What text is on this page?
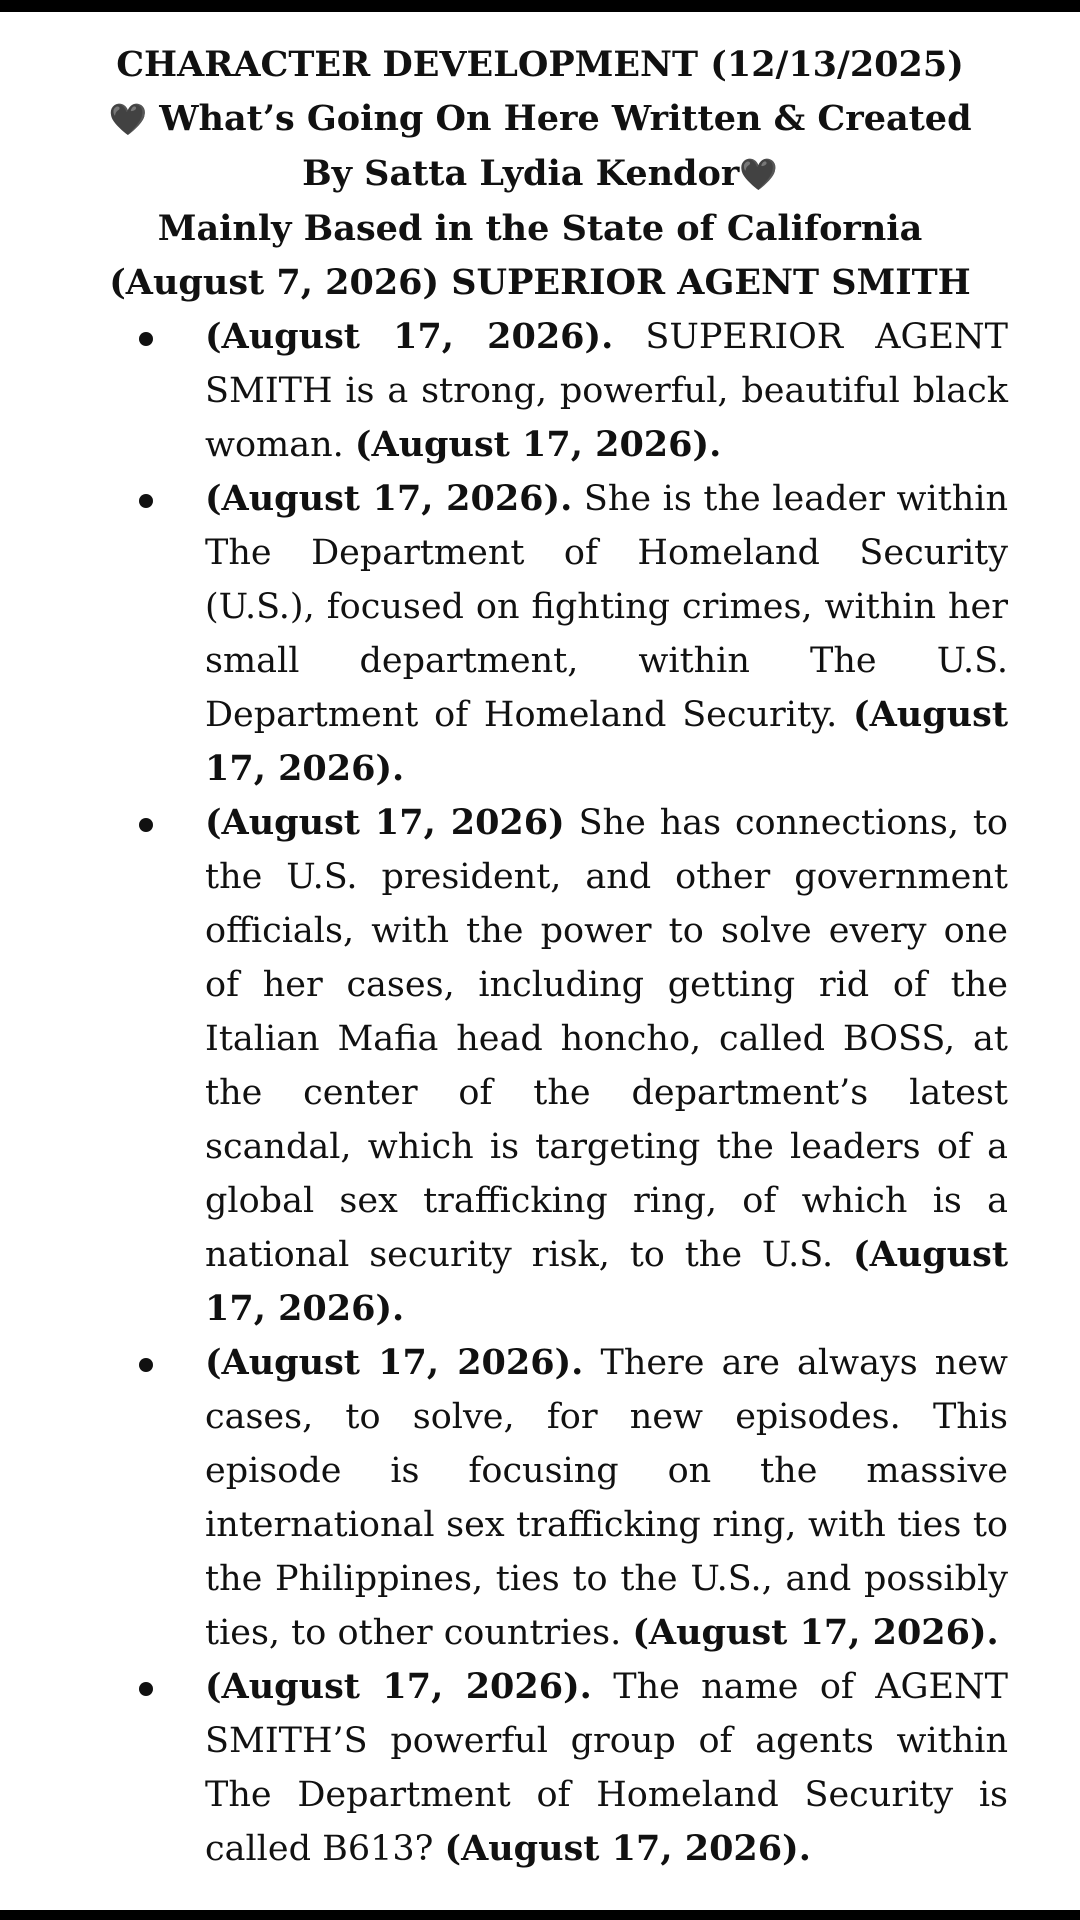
CHARACTER DEVELOPMENT (12/13/2025)
🖤 What’s Going On Here Written & Created
By Satta Lydia Kendor🖤
Mainly Based in the State of California
(August 7, 2026) SUPERIOR AGENT SMITH
(August 17, 2026). SUPERIOR AGENT SMITH is a strong, powerful, beautiful black woman. (August 17, 2026).
(August 17, 2026). She is the leader within The Department of Homeland Security (U.S.), focused on fighting crimes, within her small department, within The U.S. Department of Homeland Security. (August 17, 2026).
(August 17, 2026) She has connections, to the U.S. president, and other government officials, with the power to solve every one of her cases, including getting rid of the Italian Mafia head honcho, called BOSS, at the center of the department’s latest scandal, which is targeting the leaders of a global sex trafficking ring, of which is a national security risk, to the U.S. (August 17, 2026).
(August 17, 2026). There are always new cases, to solve, for new episodes. This episode is focusing on the massive international sex trafficking ring, with ties to the Philippines, ties to the U.S., and possibly ties, to other countries. (August 17, 2026).
(August 17, 2026). The name of AGENT SMITH’S powerful group of agents within The Department of Homeland Security is called B613? (August 17, 2026).
